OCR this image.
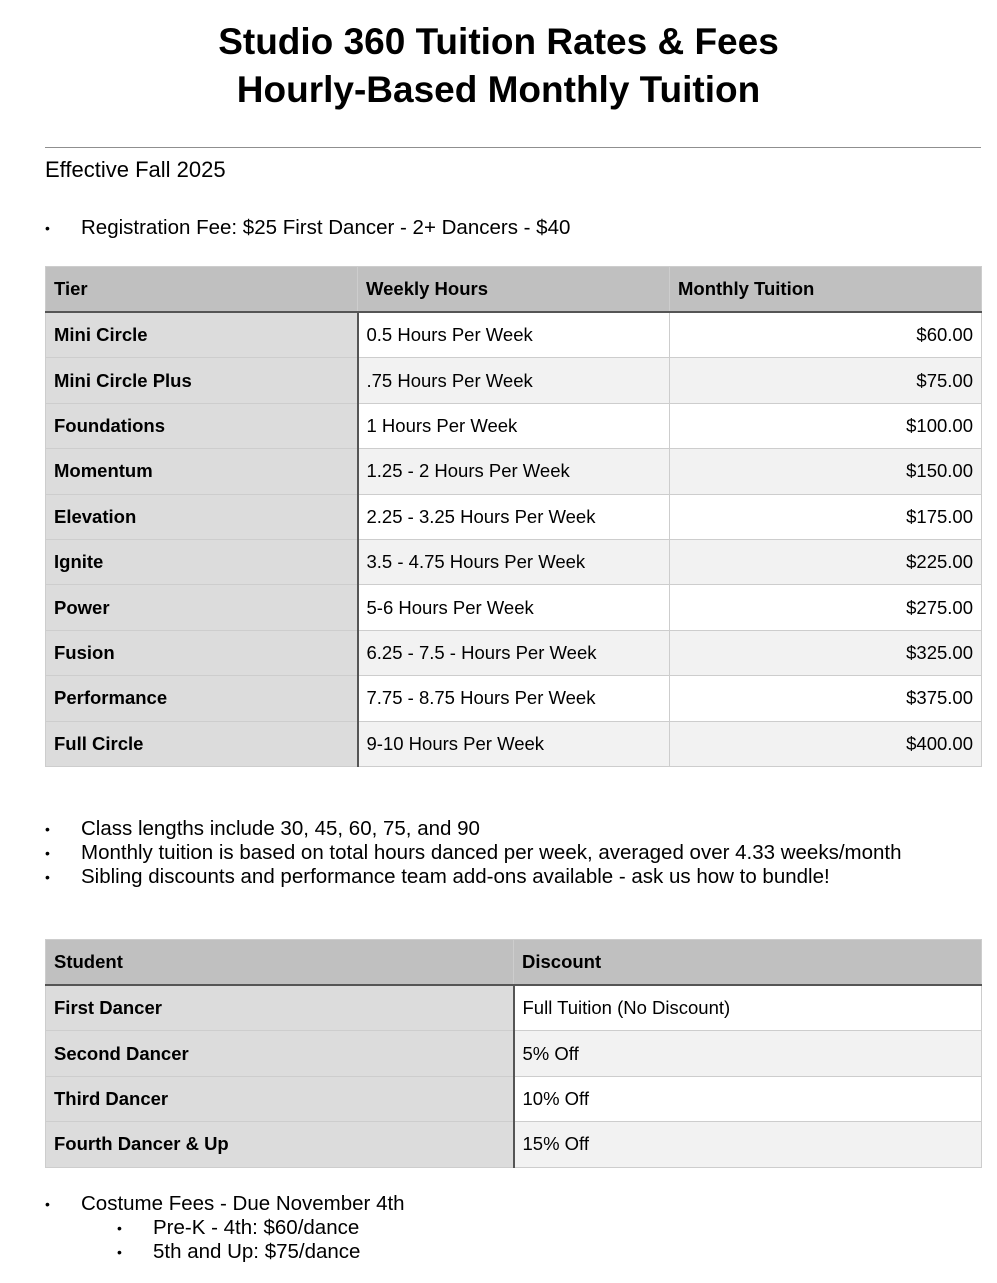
Studio 360 Tuition Rates & Fees
Hourly-Based Monthly Tuition
Effective Fall 2025
• Registration Fee: $25 First Dancer - 2+ Dancers - $40
Tier	Weekly Hours	Monthly Tuition
Mini Circle	0.5 Hours Per Week	$60.00
Mini Circle Plus	.75 Hours Per Week	$75.00
Foundations	1 Hours Per Week	$100.00
Momentum	1.25 - 2 Hours Per Week	$150.00
Elevation	2.25 - 3.25 Hours Per Week	$175.00
Ignite	3.5 - 4.75 Hours Per Week	$225.00
Power	5-6 Hours Per Week	$275.00
Fusion	6.25 - 7.5 - Hours Per Week	$325.00
Performance	7.75 - 8.75 Hours Per Week	$375.00
Full Circle	9-10 Hours Per Week	$400.00
• Class lengths include 30, 45, 60, 75, and 90
• Monthly tuition is based on total hours danced per week, averaged over 4.33 weeks/month
• Sibling discounts and performance team add-ons available - ask us how to bundle!
Student	Discount
First Dancer	Full Tuition (No Discount)
Second Dancer	5% Off
Third Dancer	10% Off
Fourth Dancer & Up	15% Off
• Costume Fees - Due November 4th
• Pre-K - 4th: $60/dance
• 5th and Up: $75/dance
